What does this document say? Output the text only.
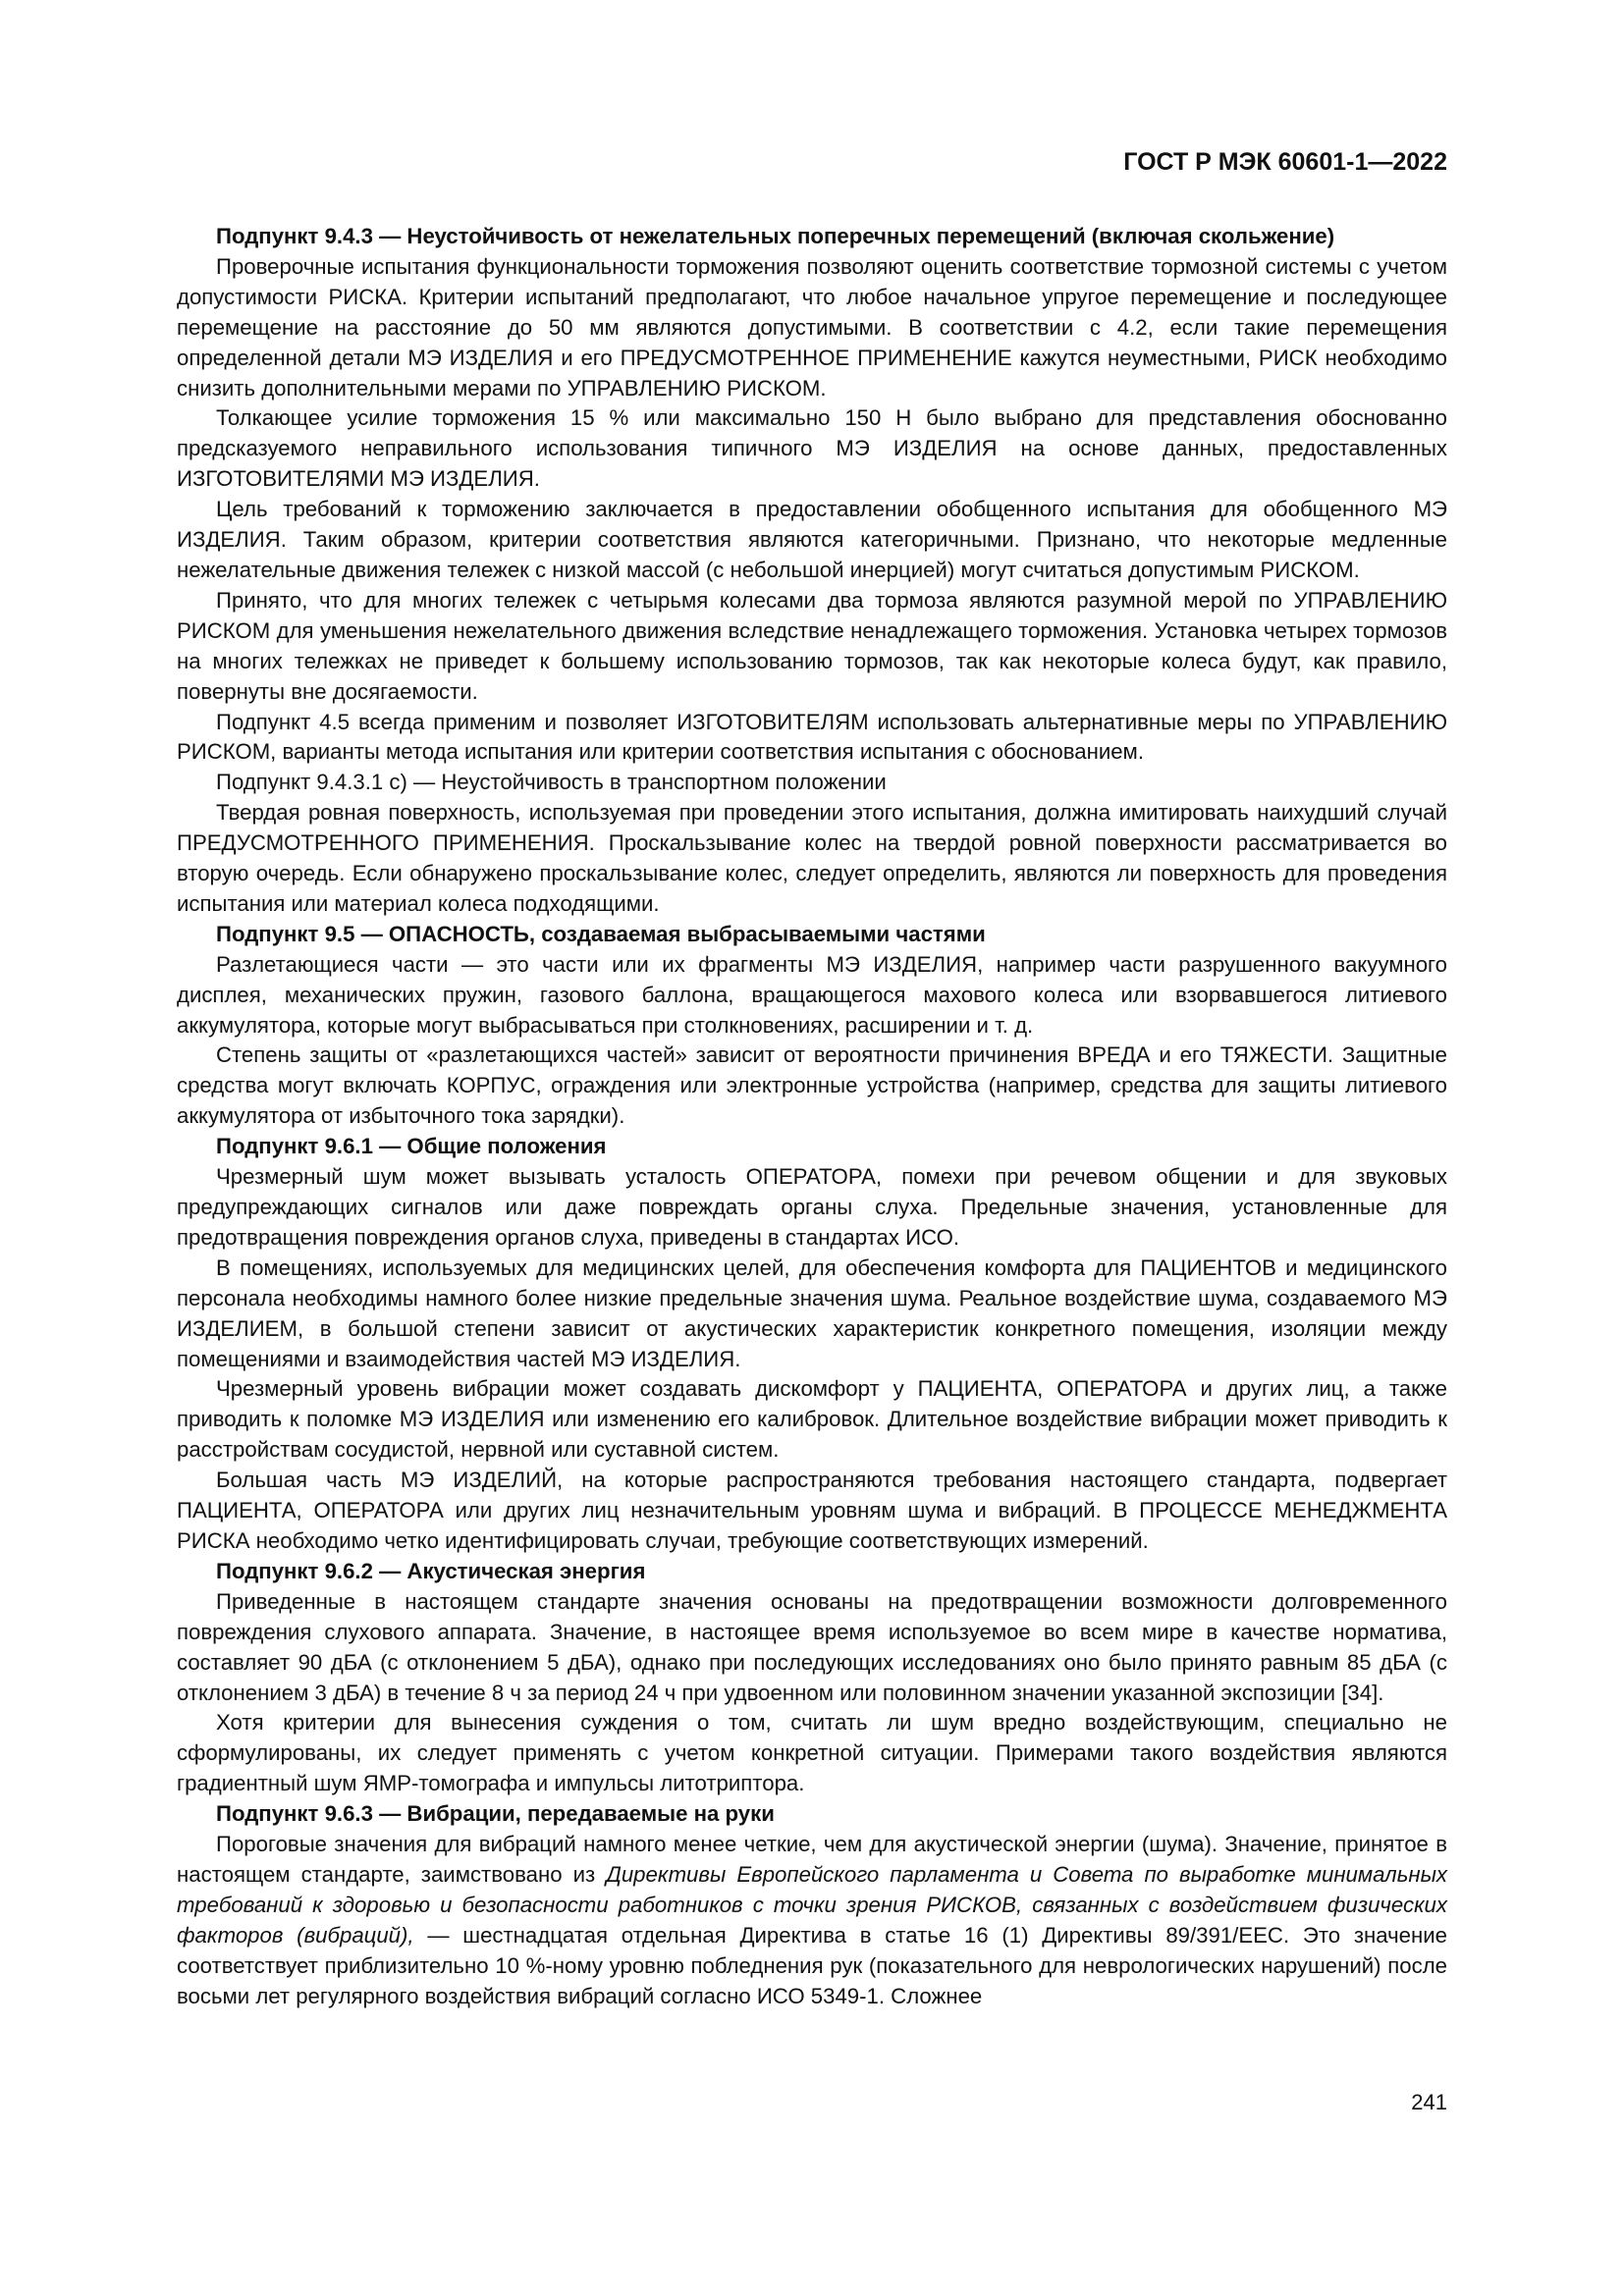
ГОСТ Р МЭК 60601-1—2022

Подпункт 9.4.3 — Неустойчивость от нежелательных поперечных перемещений (включая скольжение)

Проверочные испытания функциональности торможения позволяют оценить соответствие тормозной системы с учетом допустимости РИСКА. Критерии испытаний предполагают, что любое начальное упругое перемещение и последующее перемещение на расстояние до 50 мм являются допустимыми. В соответствии с 4.2, если такие перемещения определенной детали МЭ ИЗДЕЛИЯ и его ПРЕДУСМОТРЕННОЕ ПРИМЕНЕНИЕ кажутся неуместными, РИСК необходимо снизить дополнительными мерами по УПРАВЛЕНИЮ РИСКОМ.

Толкающее усилие торможения 15 % или максимально 150 Н было выбрано для представления обоснованно предсказуемого неправильного использования типичного МЭ ИЗДЕЛИЯ на основе данных, предоставленных ИЗГОТОВИТЕЛЯМИ МЭ ИЗДЕЛИЯ.

Цель требований к торможению заключается в предоставлении обобщенного испытания для обобщенного МЭ ИЗДЕЛИЯ. Таким образом, критерии соответствия являются категоричными. Признано, что некоторые медленные нежелательные движения тележек с низкой массой (с небольшой инерцией) могут считаться допустимым РИСКОМ.

Принято, что для многих тележек с четырьмя колесами два тормоза являются разумной мерой по УПРАВЛЕНИЮ РИСКОМ для уменьшения нежелательного движения вследствие ненадлежащего торможения. Установка четырех тормозов на многих тележках не приведет к большему использованию тормозов, так как некоторые колеса будут, как правило, повернуты вне досягаемости.

Подпункт 4.5 всегда применим и позволяет ИЗГОТОВИТЕЛЯМ использовать альтернативные меры по УПРАВЛЕНИЮ РИСКОМ, варианты метода испытания или критерии соответствия испытания с обоснованием.

Подпункт 9.4.3.1 с) — Неустойчивость в транспортном положении

Твердая ровная поверхность, используемая при проведении этого испытания, должна имитировать наихудший случай ПРЕДУСМОТРЕННОГО ПРИМЕНЕНИЯ. Проскальзывание колес на твердой ровной поверхности рассматривается во вторую очередь. Если обнаружено проскальзывание колес, следует определить, являются ли поверхность для проведения испытания или материал колеса подходящими.

Подпункт 9.5 — ОПАСНОСТЬ, создаваемая выбрасываемыми частями

Разлетающиеся части — это части или их фрагменты МЭ ИЗДЕЛИЯ, например части разрушенного вакуумного дисплея, механических пружин, газового баллона, вращающегося махового колеса или взорвавшегося литиевого аккумулятора, которые могут выбрасываться при столкновениях, расширении и т. д.

Степень защиты от «разлетающихся частей» зависит от вероятности причинения ВРЕДА и его ТЯЖЕСТИ. Защитные средства могут включать КОРПУС, ограждения или электронные устройства (например, средства для защиты литиевого аккумулятора от избыточного тока зарядки).

Подпункт 9.6.1 — Общие положения

Чрезмерный шум может вызывать усталость ОПЕРАТОРА, помехи при речевом общении и для звуковых предупреждающих сигналов или даже повреждать органы слуха. Предельные значения, установленные для предотвращения повреждения органов слуха, приведены в стандартах ИСО.

В помещениях, используемых для медицинских целей, для обеспечения комфорта для ПАЦИЕНТОВ и медицинского персонала необходимы намного более низкие предельные значения шума. Реальное воздействие шума, создаваемого МЭ ИЗДЕЛИЕМ, в большой степени зависит от акустических характеристик конкретного помещения, изоляции между помещениями и взаимодействия частей МЭ ИЗДЕЛИЯ.

Чрезмерный уровень вибрации может создавать дискомфорт у ПАЦИЕНТА, ОПЕРАТОРА и других лиц, а также приводить к поломке МЭ ИЗДЕЛИЯ или изменению его калибровок. Длительное воздействие вибрации может приводить к расстройствам сосудистой, нервной или суставной систем.

Большая часть МЭ ИЗДЕЛИЙ, на которые распространяются требования настоящего стандарта, подвергает ПАЦИЕНТА, ОПЕРАТОРА или других лиц незначительным уровням шума и вибраций. В ПРОЦЕССЕ МЕНЕДЖМЕНТА РИСКА необходимо четко идентифицировать случаи, требующие соответствующих измерений.

Подпункт 9.6.2 — Акустическая энергия

Приведенные в настоящем стандарте значения основаны на предотвращении возможности долговременного повреждения слухового аппарата. Значение, в настоящее время используемое во всем мире в качестве норматива, составляет 90 дБА (с отклонением 5 дБА), однако при последующих исследованиях оно было принято равным 85 дБА (с отклонением 3 дБА) в течение 8 ч за период 24 ч при удвоенном или половинном значении указанной экспозиции [34].

Хотя критерии для вынесения суждения о том, считать ли шум вредно воздействующим, специально не сформулированы, их следует применять с учетом конкретной ситуации. Примерами такого воздействия являются градиентный шум ЯМР-томографа и импульсы литотриптора.

Подпункт 9.6.3 — Вибрации, передаваемые на руки

Пороговые значения для вибраций намного менее четкие, чем для акустической энергии (шума). Значение, принятое в настоящем стандарте, заимствовано из Директивы Европейского парламента и Совета по выработке минимальных требований к здоровью и безопасности работников с точки зрения РИСКОВ, связанных с воздействием физических факторов (вибраций), — шестнадцатая отдельная Директива в статье 16 (1) Директивы 89/391/EEC. Это значение соответствует приблизительно 10 %-ному уровню побледнения рук (показательного для неврологических нарушений) после восьми лет регулярного воздействия вибраций согласно ИСО 5349-1. Сложнее

241
